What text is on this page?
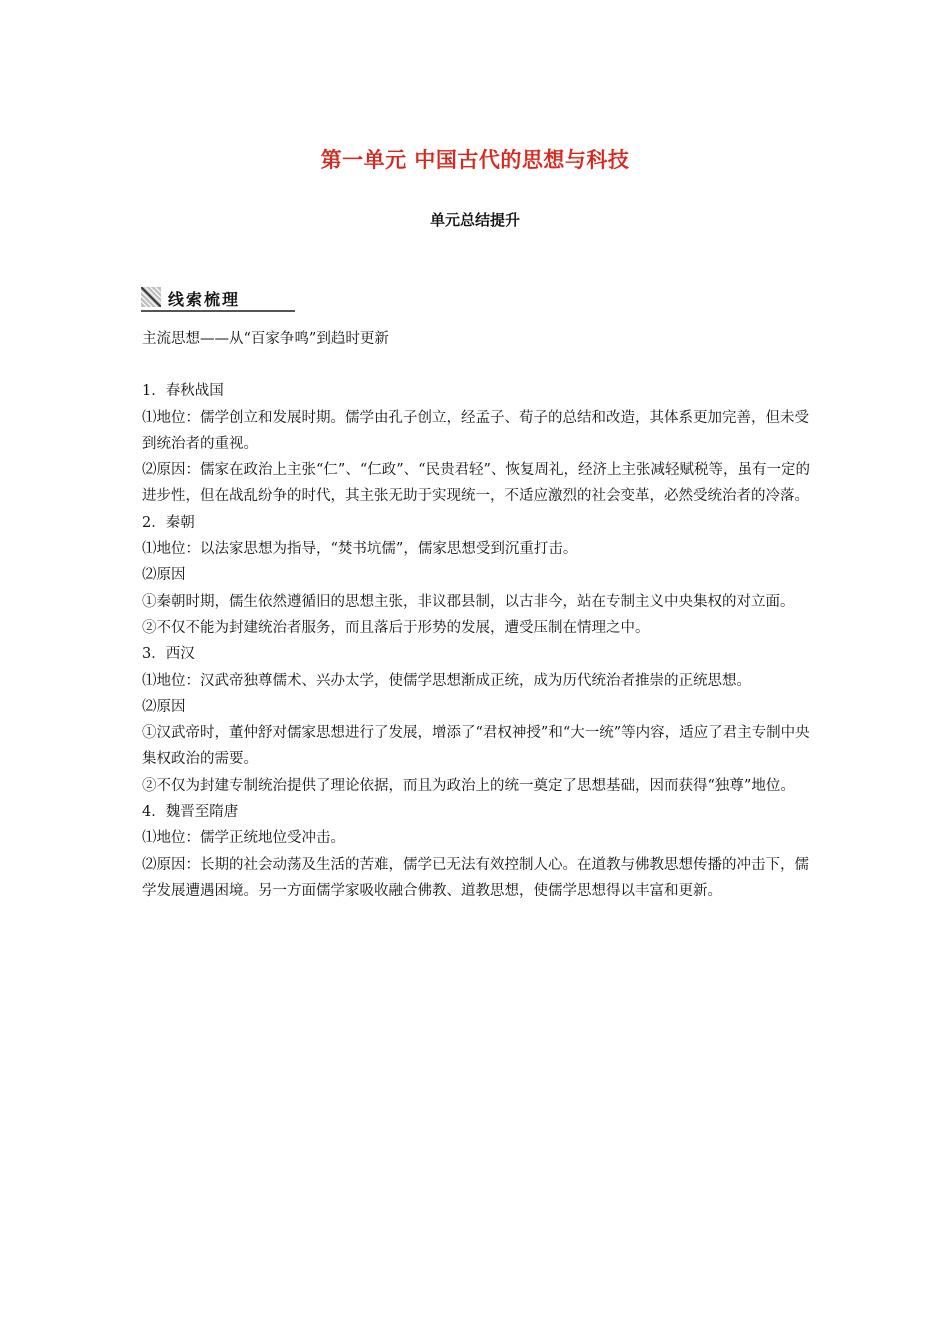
第一单元 中国古代的思想与科技
单元总结提升
线索梳理

主流思想——从“百家争鸣”到趋时更新

1．春秋战国

⑴地位：儒学创立和发展时期。儒学由孔子创立，经孟子、荀子的总结和改造，其体系更加完善，但未受到统治者的重视。

⑵原因：儒家在政治上主张“仁”、“仁政”、“民贵君轻”、恢复周礼，经济上主张减轻赋税等，虽有一定的进步性，但在战乱纷争的时代，其主张无助于实现统一，不适应激烈的社会变革，必然受统治者的冷落。

2．秦朝

⑴地位：以法家思想为指导，“焚书坑儒”，儒家思想受到沉重打击。

⑵原因

①秦朝时期，儒生依然遵循旧的思想主张，非议郡县制，以古非今，站在专制主义中央集权的对立面。

②不仅不能为封建统治者服务，而且落后于形势的发展，遭受压制在情理之中。

3．西汉

⑴地位：汉武帝独尊儒术、兴办太学，使儒学思想渐成正统，成为历代统治者推崇的正统思想。

⑵原因

①汉武帝时，董仲舒对儒家思想进行了发展，增添了“君权神授”和“大一统”等内容，适应了君主专制中央集权政治的需要。

②不仅为封建专制统治提供了理论依据，而且为政治上的统一奠定了思想基础，因而获得“独尊”地位。

4．魏晋至隋唐

⑴地位：儒学正统地位受冲击。

⑵原因：长期的社会动荡及生活的苦难，儒学已无法有效控制人心。在道教与佛教思想传播的冲击下，儒学发展遭遇困境。另一方面儒学家吸收融合佛教、道教思想，使儒学思想得以丰富和更新。
